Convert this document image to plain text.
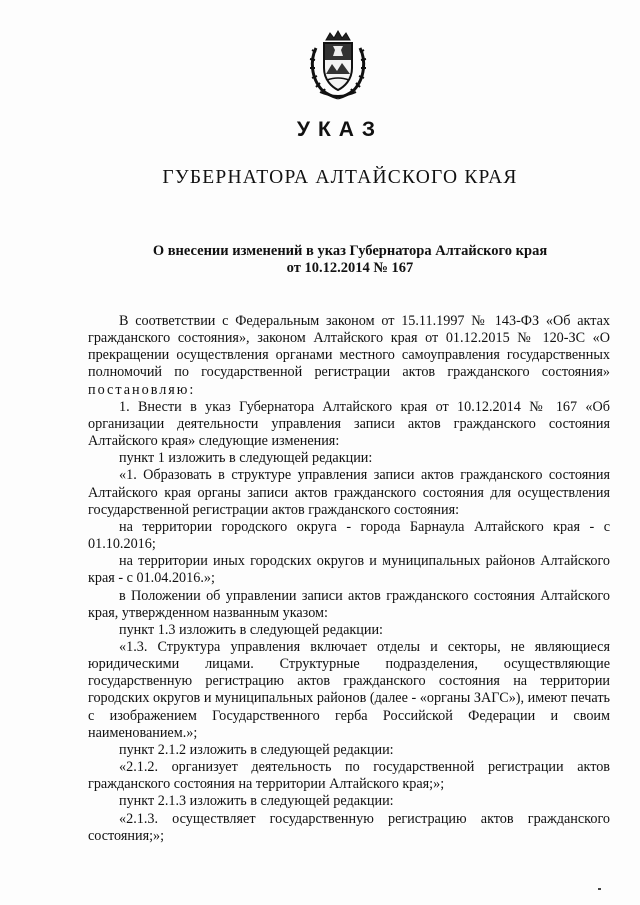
УКАЗ
ГУБЕРНАТОРА АЛТАЙСКОГО КРАЯ
О внесении изменений в указ Губернатора Алтайского края
от 10.12.2014 № 167

В соответствии с Федеральным законом от 15.11.1997 № 143-ФЗ «Об актах гражданского состояния», законом Алтайского края от 01.12.2015 № 120-ЗС «О прекращении осуществления органами местного самоуправления государственных полномочий по государственной регистрации актов гражданского состояния» постановляю:

1. Внести в указ Губернатора Алтайского края от 10.12.2014 № 167 «Об организации деятельности управления записи актов гражданского состояния Алтайского края» следующие изменения:

пункт 1 изложить в следующей редакции:

«1. Образовать в структуре управления записи актов гражданского состояния Алтайского края органы записи актов гражданского состояния для осуществления государственной регистрации актов гражданского состояния:

на территории городского округа - города Барнаула Алтайского края - с 01.10.2016;

на территории иных городских округов и муниципальных районов Алтайского края - с 01.04.2016.»;

в Положении об управлении записи актов гражданского состояния Алтайского края, утвержденном названным указом:

пункт 1.3 изложить в следующей редакции:

«1.3. Структура управления включает отделы и секторы, не являющиеся юридическими лицами. Структурные подразделения, осуществляющие государственную регистрацию актов гражданского состояния на территории городских округов и муниципальных районов (далее - «органы ЗАГС»), имеют печать с изображением Государственного герба Российской Федерации и своим наименованием.»;

пункт 2.1.2 изложить в следующей редакции:

«2.1.2. организует деятельность по государственной регистрации актов гражданского состояния на территории Алтайского края;»;

пункт 2.1.3 изложить в следующей редакции:

«2.1.3. осуществляет государственную регистрацию актов гражданского состояния;»;
